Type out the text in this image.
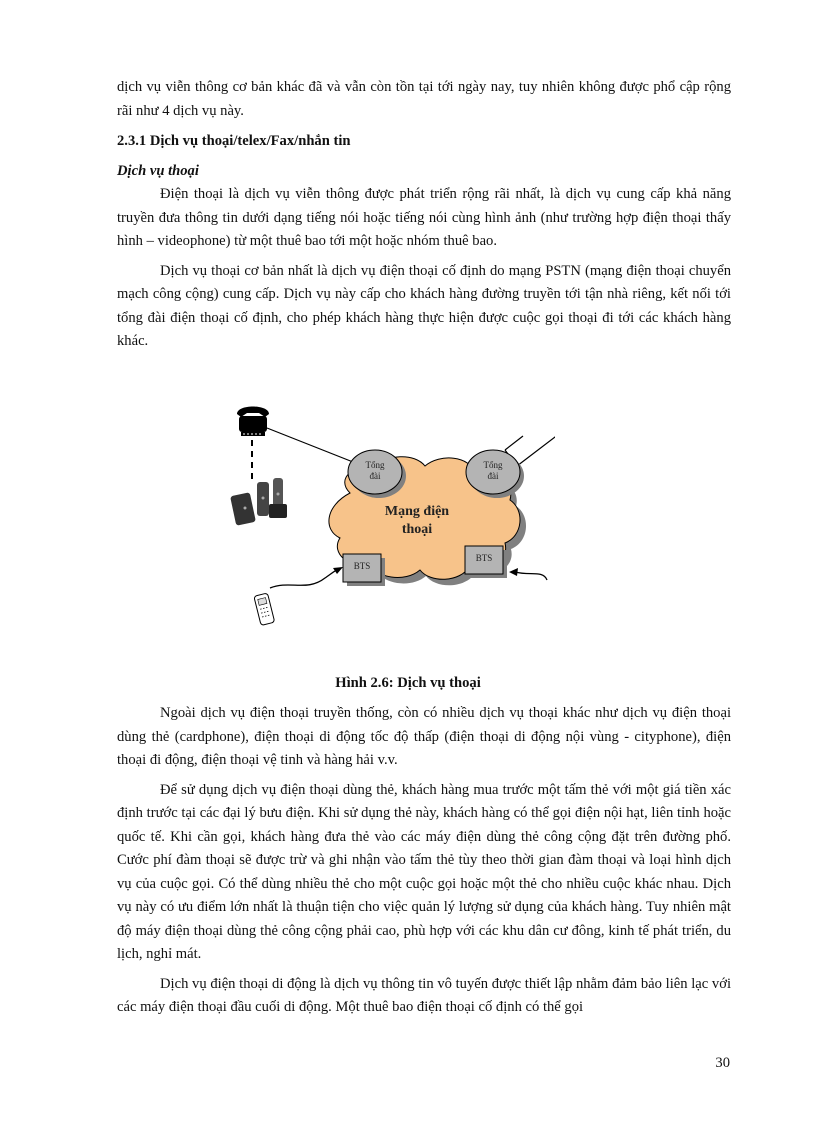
dịch vụ viễn thông cơ bản khác đã và vẫn còn tồn tại tới ngày nay, tuy nhiên không được phổ cập rộng rãi như 4 dịch vụ này.

2.3.1 Dịch vụ thoại/telex/Fax/nhắn tin
Dịch vụ thoại

Điện thoại là dịch vụ viễn thông được phát triển rộng rãi nhất, là dịch vụ cung cấp khả năng truyền đưa thông tin dưới dạng tiếng nói hoặc tiếng nói cùng hình ảnh (như trường hợp điện thoại thấy hình – videophone) từ một thuê bao tới một hoặc nhóm thuê bao.

Dịch vụ thoại cơ bản nhất là dịch vụ điện thoại cố định do mạng PSTN (mạng điện thoại chuyển mạch công cộng) cung cấp. Dịch vụ này cấp cho khách hàng đường truyền tới tận nhà riêng, kết nối tới tổng đài điện thoại cố định, cho phép khách hàng thực hiện được cuộc gọi thoại đi tới các khách hàng khác.

Mạng điện
thoại
Tổng
đài
Tổng
đài
BTS
BTS
Hình 2.6: Dịch vụ thoại

Ngoài dịch vụ điện thoại truyền thống, còn có nhiều dịch vụ thoại khác như dịch vụ điện thoại dùng thẻ (cardphone), điện thoại di động tốc độ thấp (điện thoại di động nội vùng - cityphone), điện thoại đi động, điện thoại vệ tinh và hàng hải v.v.

Để sử dụng dịch vụ điện thoại dùng thẻ, khách hàng mua trước một tấm thẻ với một giá tiền xác định trước tại các đại lý bưu điện. Khi sử dụng thẻ này, khách hàng có thể gọi điện nội hạt, liên tỉnh hoặc quốc tế. Khi cần gọi, khách hàng đưa thẻ vào các máy điện dùng thẻ công cộng đặt trên đường phố. Cước phí đàm thoại sẽ được trừ và ghi nhận vào tấm thẻ tùy theo thời gian đàm thoại và loại hình dịch vụ của cuộc gọi. Có thể dùng nhiều thẻ cho một cuộc gọi hoặc một thẻ cho nhiều cuộc khác nhau. Dịch vụ này có ưu điểm lớn nhất là thuận tiện cho việc quản lý lượng sử dụng của khách hàng. Tuy nhiên mật độ máy điện thoại dùng thẻ công cộng phải cao, phù hợp với các khu dân cư đông, kinh tế phát triển, du lịch, nghỉ mát.

Dịch vụ điện thoại di động là dịch vụ thông tin vô tuyến được thiết lập nhằm đảm bảo liên lạc với các máy điện thoại đầu cuối di động. Một thuê bao điện thoại cố định có thể gọi

30
